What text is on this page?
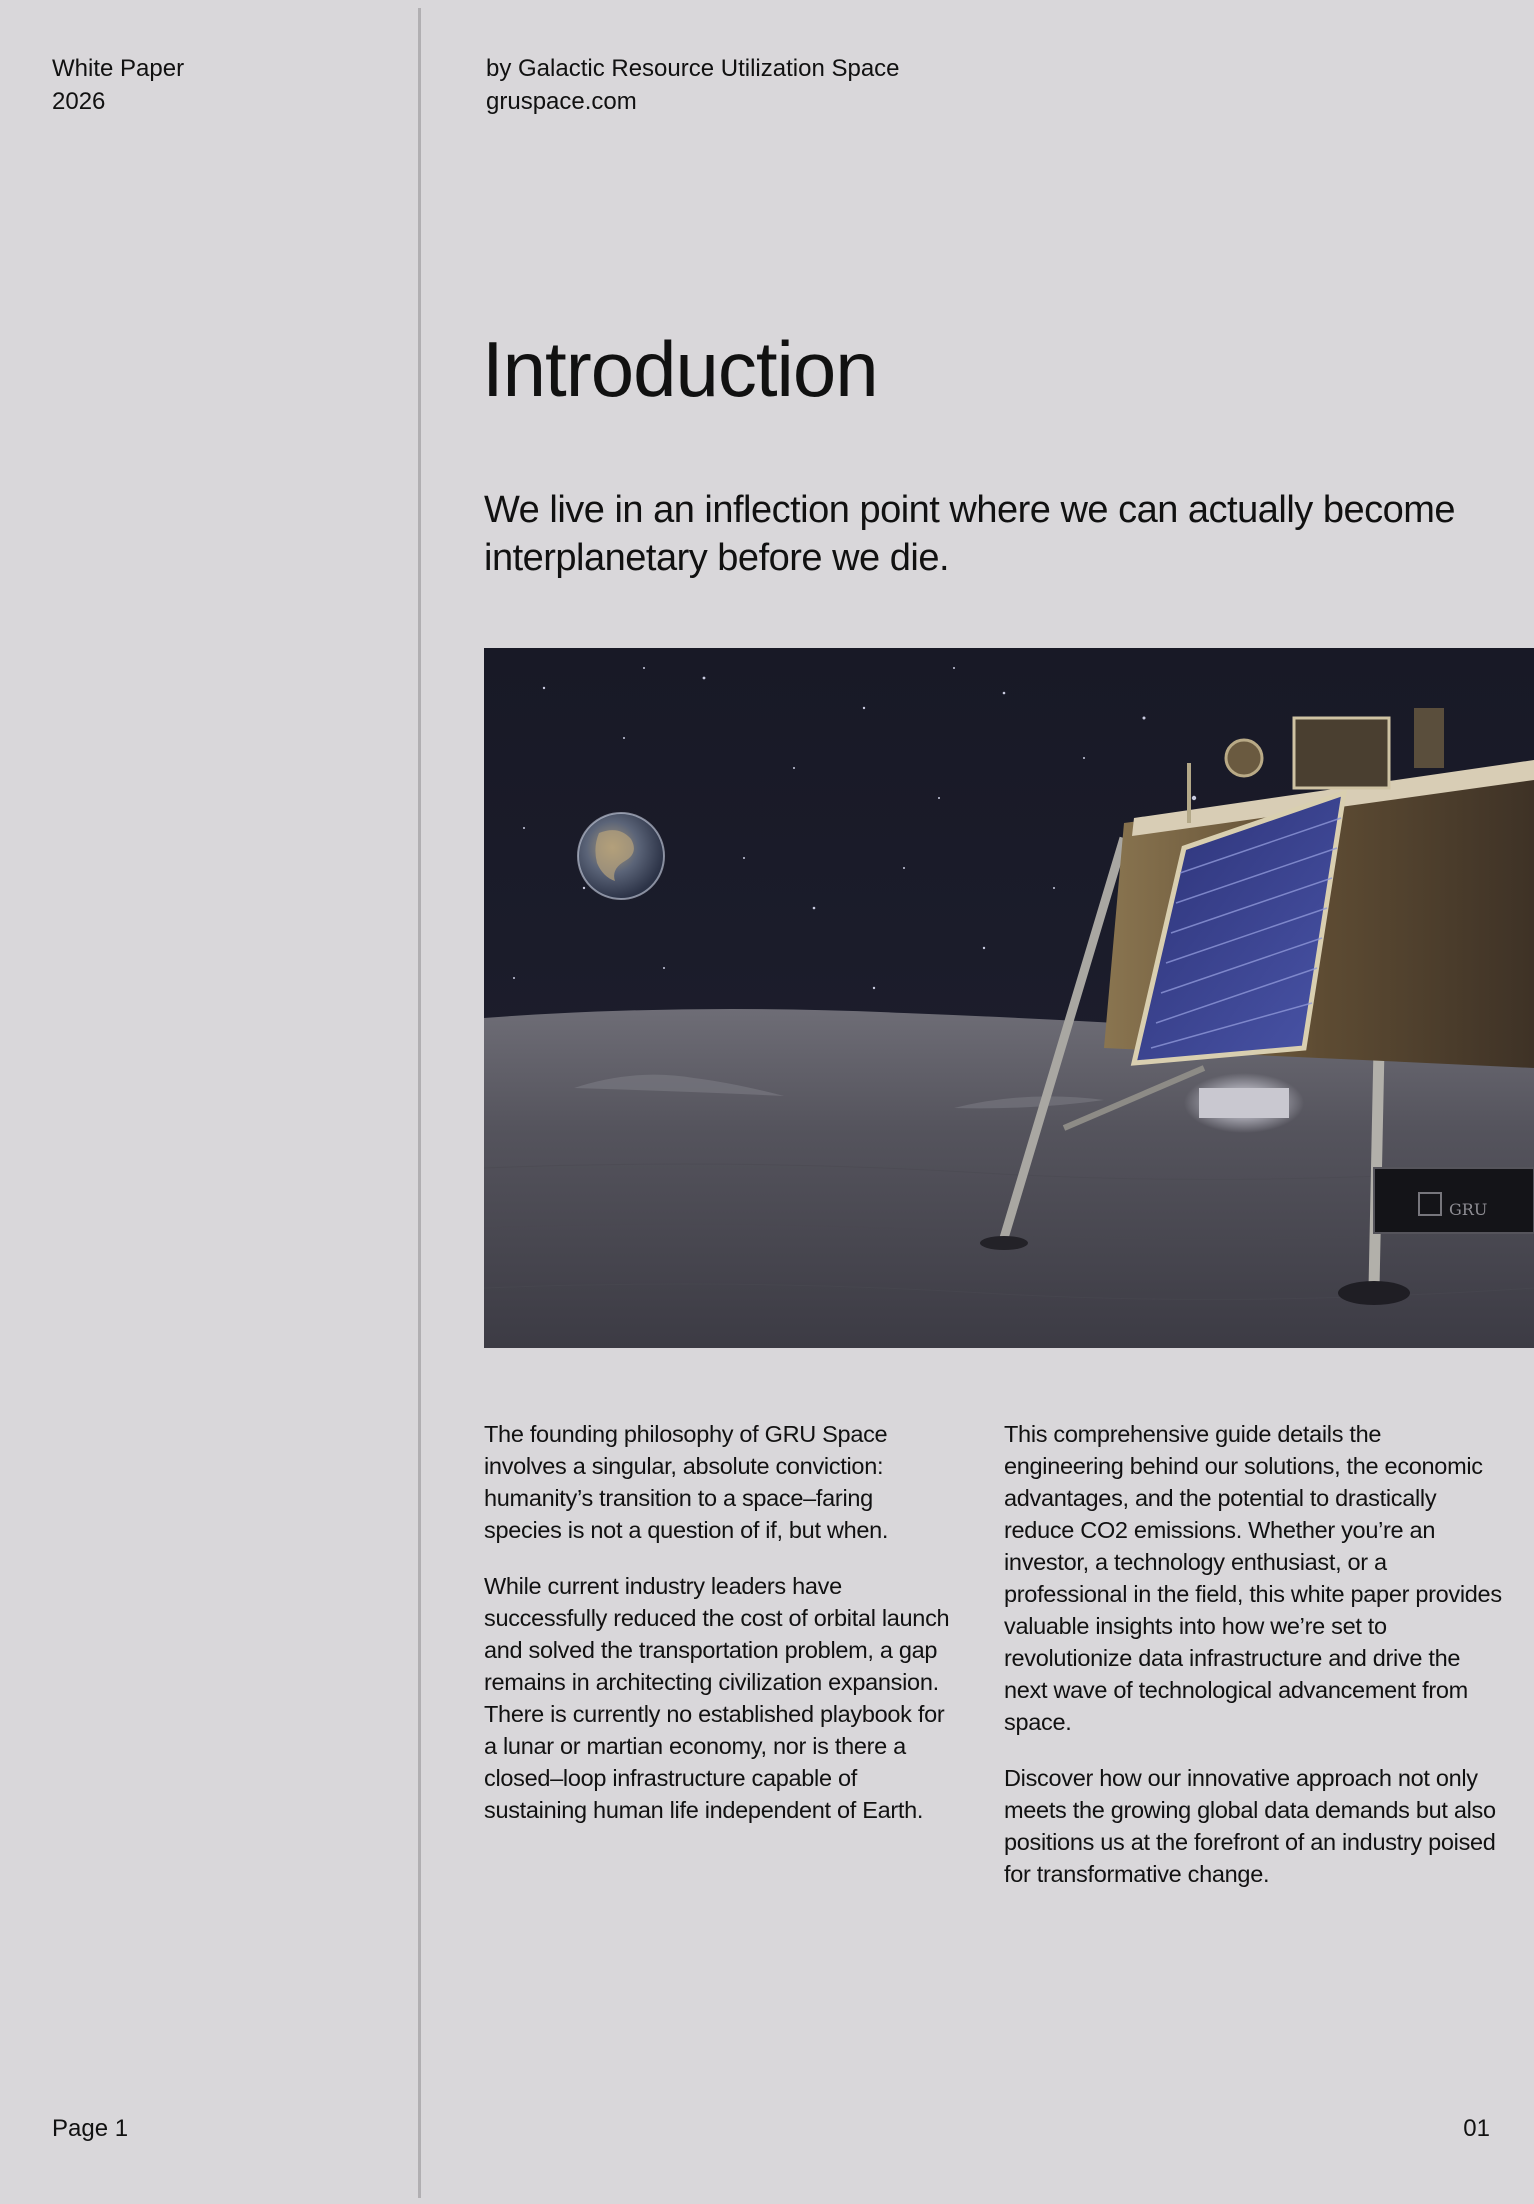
White Paper
2026
by Galactic Resource Utilization Space
gruspace.com
Introduction

We live in an inflection point where we can actually become interplanetary before we die.

GRU

The founding philosophy of GRU Space involves a singular, absolute conviction: humanity’s transition to a space–faring species is not a question of if, but when.

While current industry leaders have successfully reduced the cost of orbital launch and solved the transportation problem, a gap remains in architecting civilization expansion. There is currently no established playbook for a lunar or martian economy, nor is there a closed–loop infrastructure capable of sustaining human life independent of Earth.

This comprehensive guide details the engineering behind our solutions, the economic advantages, and the potential to drastically reduce CO2 emissions. Whether you’re an investor, a technology enthusiast, or a professional in the field, this white paper provides valuable insights into how we’re set to revolutionize data infrastructure and drive the next wave of technological advancement from space.

Discover how our innovative approach not only meets the growing global data demands but also positions us at the forefront of an industry poised for transformative change.

Page 1	01
